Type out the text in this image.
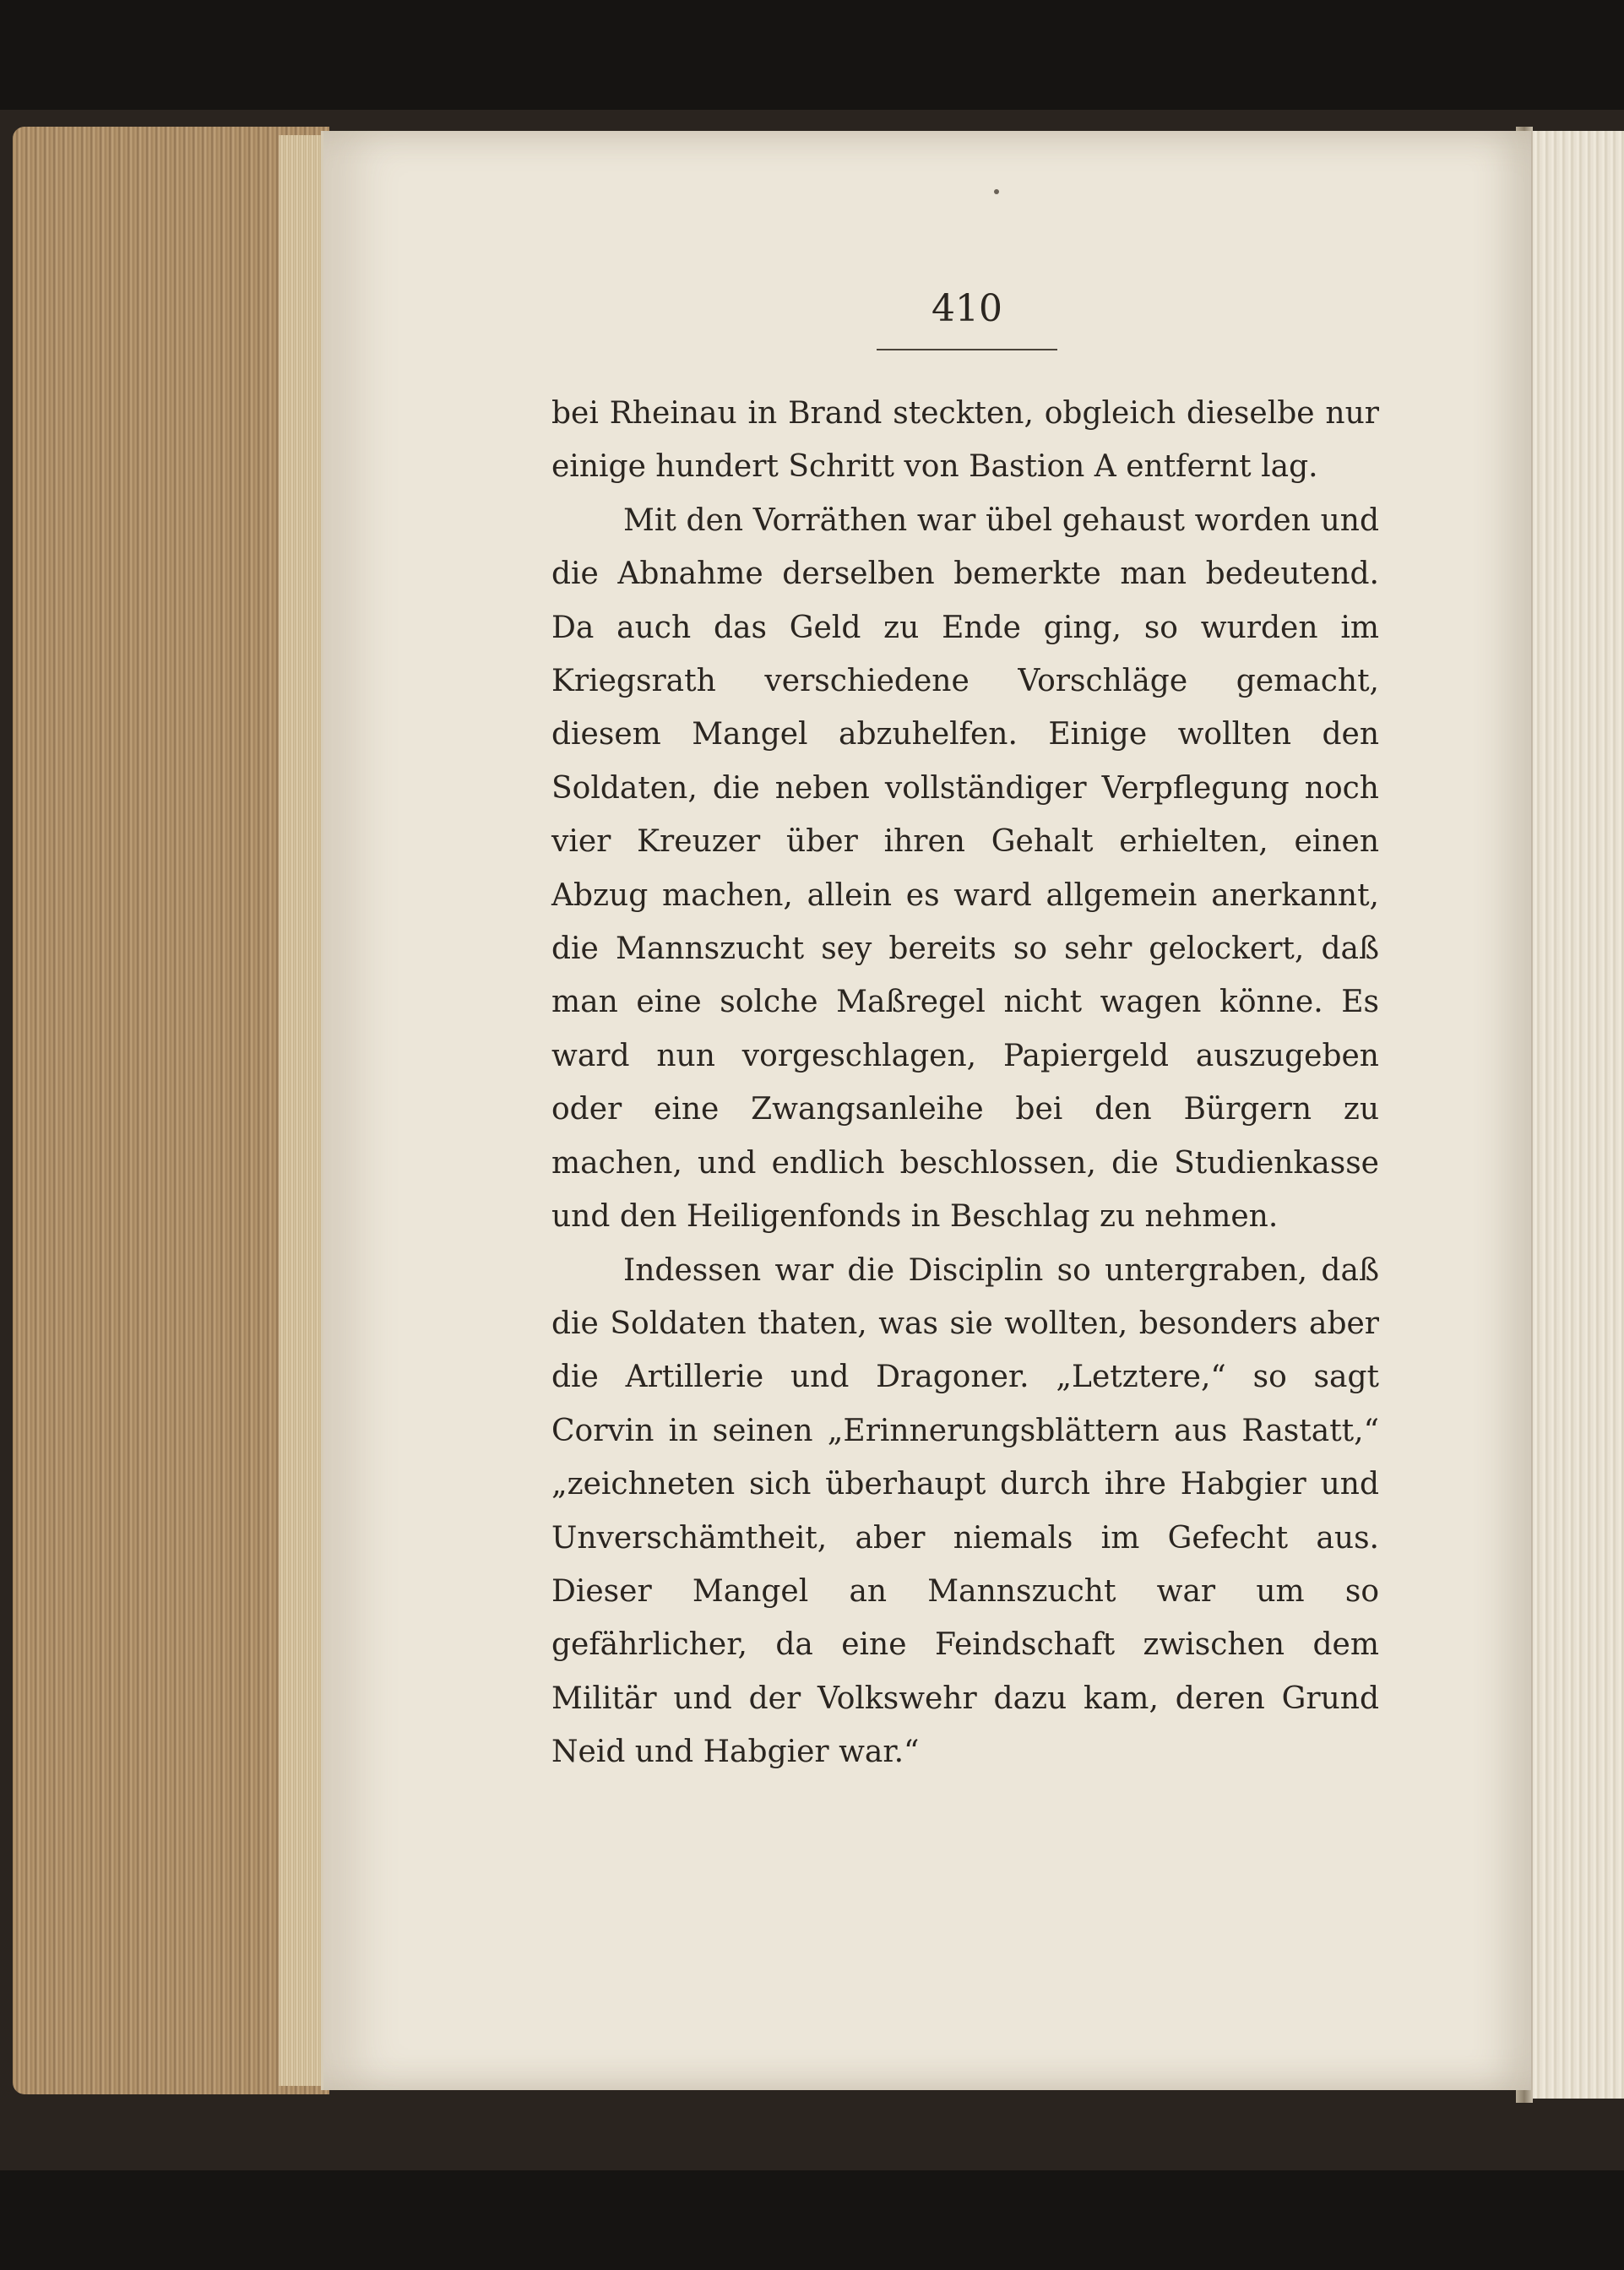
410

bei Rheinau in Brand steckten, obgleich dieselbe nur einige hundert Schritt von Bastion A entfernt lag.

Mit den Vorräthen war übel gehaust worden und die Abnahme derselben bemerkte man bedeutend. Da auch das Geld zu Ende ging, so wurden im Kriegsrath verschiedene Vorschläge gemacht, diesem Mangel abzuhelfen. Einige wollten den Soldaten, die neben vollständiger Verpflegung noch vier Kreuzer über ihren Gehalt erhielten, einen Abzug machen, allein es ward allgemein anerkannt, die Mannszucht sey bereits so sehr gelockert, daß man eine solche Maßregel nicht wagen könne. Es ward nun vorgeschlagen, Papiergeld auszugeben oder eine Zwangsanleihe bei den Bürgern zu machen, und endlich beschlossen, die Studienkasse und den Heiligenfonds in Beschlag zu nehmen.

Indessen war die Disciplin so untergraben, daß die Soldaten thaten, was sie wollten, besonders aber die Artillerie und Dragoner. „Letztere,“ so sagt Corvin in seinen „Erinnerungsblättern aus Rastatt,“ „zeichneten sich überhaupt durch ihre Habgier und Unverschämtheit, aber niemals im Gefecht aus. Dieser Mangel an Mannszucht war um so gefährlicher, da eine Feindschaft zwischen dem Militär und der Volkswehr dazu kam, deren Grund Neid und Habgier war.“
